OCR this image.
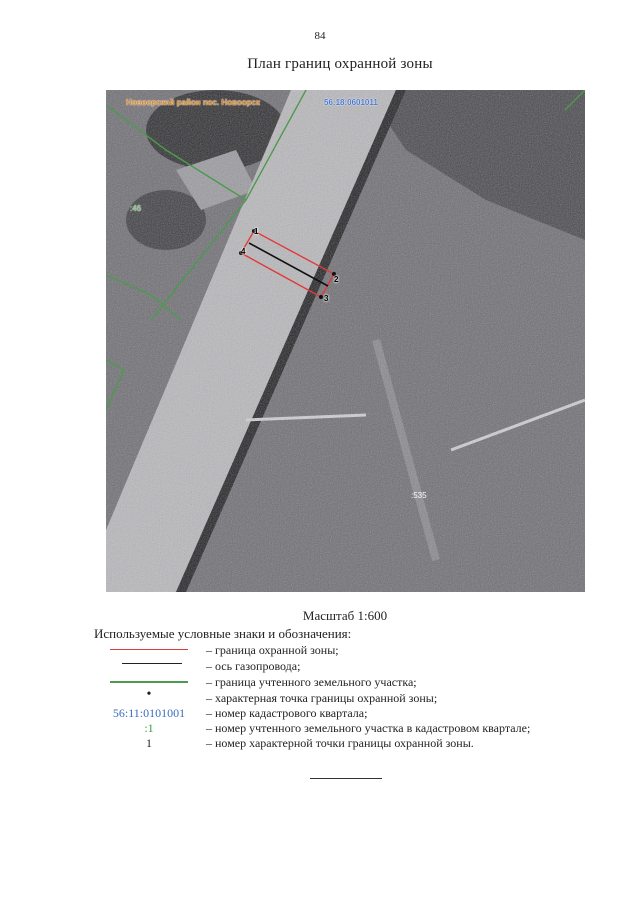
84
План границ охранной зоны
Новоорский район пос. Новоорск	56:18:0601011
:46
:535
1
2
3
4
Масштаб 1:600
Используемые условные знаки и обозначения:
– граница охранной зоны;
– ось газопровода;
– граница учтенного земельного участка;
•	– характерная точка границы охранной зоны;
56:11:0101001 – номер кадастрового квартала;
:1	– номер учтенного земельного участка в кадастровом квартале;
1	– номер характерной точки границы охранной зоны.
